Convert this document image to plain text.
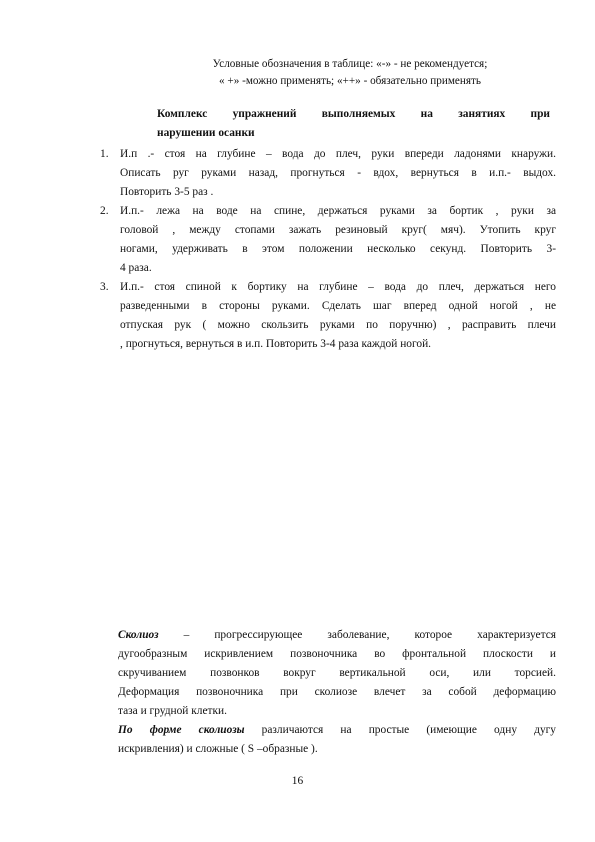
Условные обозначения в таблице: «-» - не рекомендуется;
« +» -можно применять; «++» - обязательно применять
Комплекс упражнений выполняемых на занятиях при
нарушении осанки
1. И.п .- стоя на глубине – вода до плеч, руки впереди ладонями кнаружи.
Описать руг руками назад, прогнуться - вдох, вернуться в и.п.- выдох.
Повторить 3-5 раз .
2. И.п.- лежа на воде на спине, держаться руками за бортик , руки за
головой , между стопами зажать резиновый круг( мяч). Утопить круг
ногами, удерживать в этом положении несколько секунд. Повторить 3-
4 раза.
3. И.п.- стоя спиной к бортику на глубине – вода до плеч, держаться него
разведенными в стороны руками. Сделать шаг вперед одной ногой , не
отпуская рук ( можно скользить руками по поручню) , расправить плечи
, прогнуться, вернуться в и.п. Повторить 3-4 раза каждой ногой.
Сколиоз – прогрессирующее заболевание, которое характеризуется
дугообразным искривлением позвоночника во фронтальной плоскости и
скручиванием позвонков вокруг вертикальной оси, или торсией.
Деформация позвоночника при сколиозе влечет за собой деформацию
таза и грудной клетки.
По форме сколиозы различаются на простые (имеющие одну дугу
искривления) и сложные ( S –образные ).
16
